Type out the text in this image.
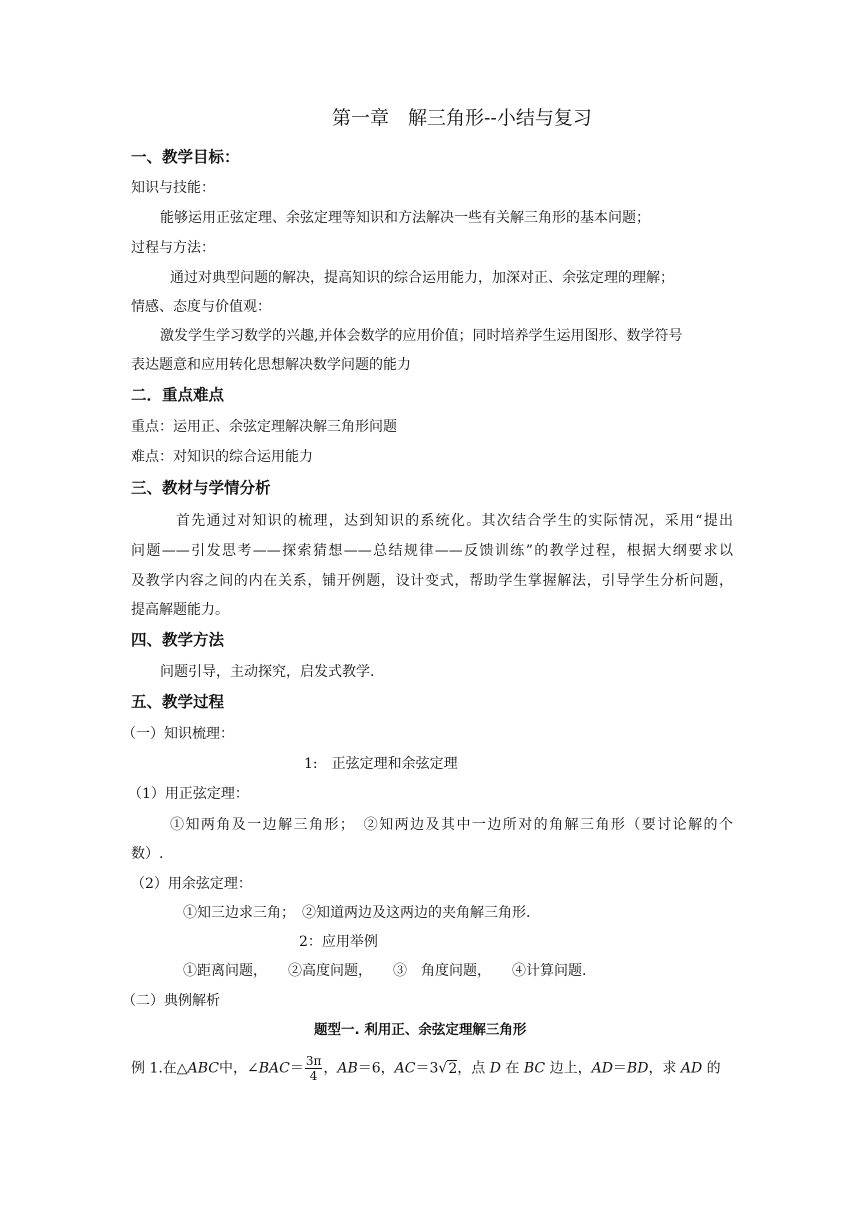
第一章　解三角形--小结与复习
一、教学目标：
知识与技能：
能够运用正弦定理、余弦定理等知识和方法解决一些有关解三角形的基本问题；
过程与方法：
通过对典型问题的解决，提高知识的综合运用能力，加深对正、余弦定理的理解；
情感、态度与价值观：
激发学生学习数学的兴趣,并体会数学的应用价值；同时培养学生运用图形、数学符号
表达题意和应用转化思想解决数学问题的能力
二．重点难点
重点：运用正、余弦定理解决解三角形问题
难点：对知识的综合运用能力
三、教材与学情分析
首先通过对知识的梳理，达到知识的系统化。其次结合学生的实际情况，采用“提出
问题——引发思考——探索猜想——总结规律——反馈训练”的教学过程，根据大纲要求以
及教学内容之间的内在关系，铺开例题，设计变式，帮助学生掌握解法，引导学生分析问题，
提高解题能力。
四、教学方法
问题引导，主动探究，启发式教学.
五、教学过程
（一）知识梳理：
1:　正弦定理和余弦定理
（1）用正弦定理：
①知两角及一边解三角形；　②知两边及其中一边所对的角解三角形（要讨论解的个
数）.
（2）用余弦定理：
①知三边求三角；　②知道两边及这两边的夹角解三角形.
2：应用举例
①距离问题，　　②高度问题，　　③　角度问题，　　④计算问题.
（二）典例解析
题型一. 利用正、余弦定理解三角形
例 1.在△ABC中，∠BAC＝ $\frac{3\pi}{4}$ ，AB＝6，AC＝3√2，点 D 在 BC 边上，AD＝BD，求 AD 的
